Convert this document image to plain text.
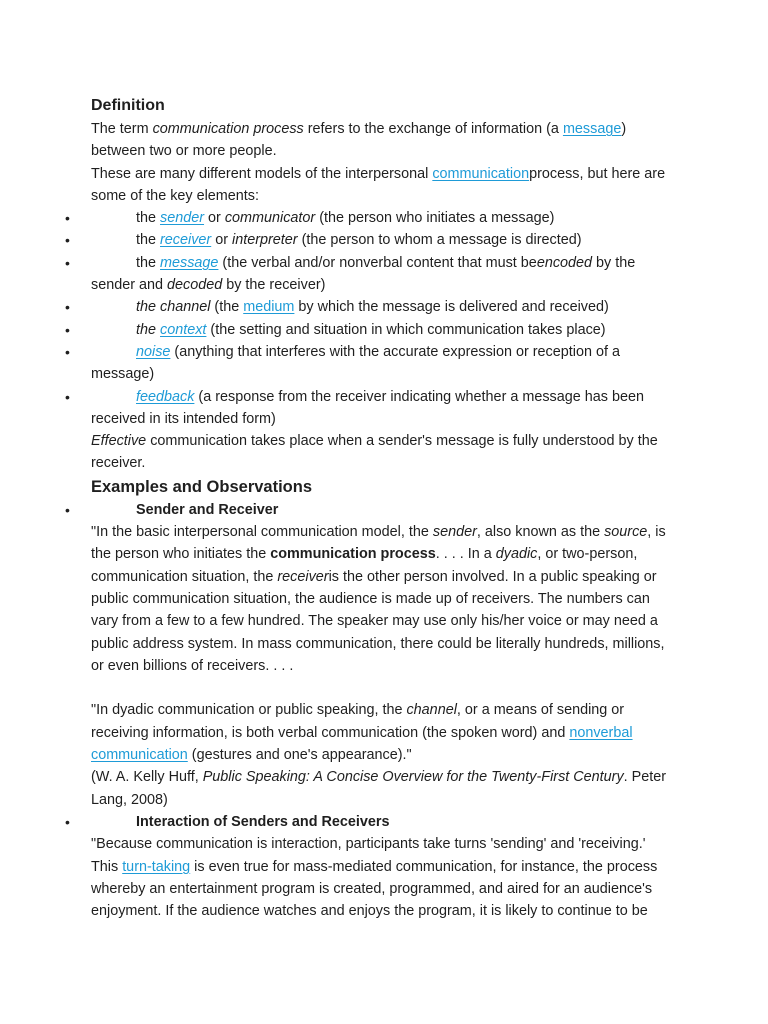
Definition

The term communication process refers to the exchange of information (a message)
between two or more people.

These are many different models of the interpersonal communicationprocess, but here are
some of the key elements:

•	the sender or communicator (the person who initiates a message)
•	the receiver or interpreter (the person to whom a message is directed)
•	the message (the verbal and/or nonverbal content that must beencoded by the
sender and decoded by the receiver)
•	the channel (the medium by which the message is delivered and received)
•	the context (the setting and situation in which communication takes place)
•	noise (anything that interferes with the accurate expression or reception of a
message)
•	feedback (a response from the receiver indicating whether a message has been
received in its intended form)

Effective communication takes place when a sender's message is fully understood by the
receiver.

Examples and Observations
•	Sender and Receiver
"In the basic interpersonal communication model, the sender, also known as the source, is
the person who initiates the communication process. . . . In a dyadic, or two-person,
communication situation, the receiveris the other person involved. In a public speaking or
public communication situation, the audience is made up of receivers. The numbers can
vary from a few to a few hundred. The speaker may use only his/her voice or may need a
public address system. In mass communication, there could be literally hundreds, millions,
or even billions of receivers. . . .
"In dyadic communication or public speaking, the channel, or a means of sending or
receiving information, is both verbal communication (the spoken word) and nonverbal
communication (gestures and one's appearance)."
(W. A. Kelly Huff, Public Speaking: A Concise Overview for the Twenty-First Century. Peter
Lang, 2008)
•	Interaction of Senders and Receivers
"Because communication is interaction, participants take turns 'sending' and 'receiving.'
This turn-taking is even true for mass-mediated communication, for instance, the process
whereby an entertainment program is created, programmed, and aired for an audience's
enjoyment. If the audience watches and enjoys the program, it is likely to continue to be
